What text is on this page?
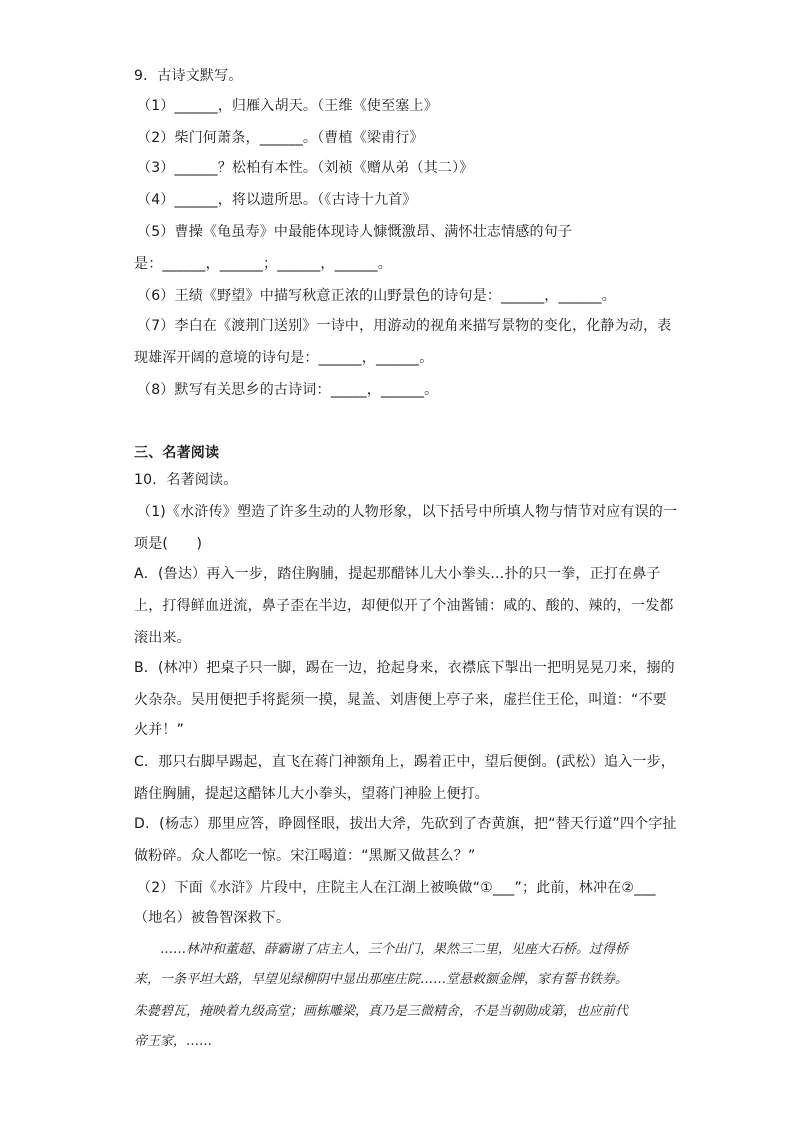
9．古诗文默写。
（1）______，归雁入胡天。（王维《使至塞上》
（2）柴门何萧条，______。（曹植《梁甫行》
（3）______？松柏有本性。（刘祯《赠从弟（其二）》
（4）______，将以遗所思。（《古诗十九首》
（5）曹操《龟虽寿》中最能体现诗人慷慨激昂、满怀壮志情感的句子
是：______，______；______，______。
（6）王绩《野望》中描写秋意正浓的山野景色的诗句是：______，______。
（7）李白在《渡荆门送别》一诗中，用游动的视角来描写景物的变化，化静为动，表
现雄浑开阔的意境的诗句是：______，______。
（8）默写有关思乡的古诗词：_____，______。
三、名著阅读
10．名著阅读。
（1)《水浒传》塑造了许多生动的人物形象，以下括号中所填人物与情节对应有误的一
项是(　　)
A．(鲁达）再入一步，踏住胸脯，提起那醋钵儿大小拳头…扑的只一拳，正打在鼻子
上，打得鲜血迸流，鼻子歪在半边，却便似开了个油酱铺：咸的、酸的、辣的，一发都
滚出来。
B．(林冲）把桌子只一脚，踢在一边，抢起身来，衣襟底下掣出一把明晃晃刀来，搦的
火杂杂。吴用便把手将髭须一摸，晁盖、刘唐便上亭子来，虚拦住王伦，叫道：“不要
火并！”
C．那只右脚早踢起，直飞在蒋门神额角上，踢着正中，望后便倒。(武松）追入一步，
踏住胸脯，提起这醋钵儿大小拳头，望蒋门神脸上便打。
D．(杨志）那里应答，睁圆怪眼，拔出大斧，先砍到了杏黄旗，把“替天行道”四个字扯
做粉碎。众人都吃一惊。宋江喝道：“黑厮又做甚么？”
（2）下面《水浒》片段中，庄院主人在江湖上被唤做“①___”；此前，林冲在②___
（地名）被鲁智深救下。
……林冲和董超、薛霸谢了店主人，三个出门，果然三二里，见座大石桥。过得桥
来，一条平坦大路，早望见绿柳阴中显出那座庄院……堂悬敕额金牌，家有誓书铁券。
朱甍碧瓦，掩映着九级高堂；画栋雕梁，真乃是三微精舍，不是当朝勋成第，也应前代
帝王家，……
